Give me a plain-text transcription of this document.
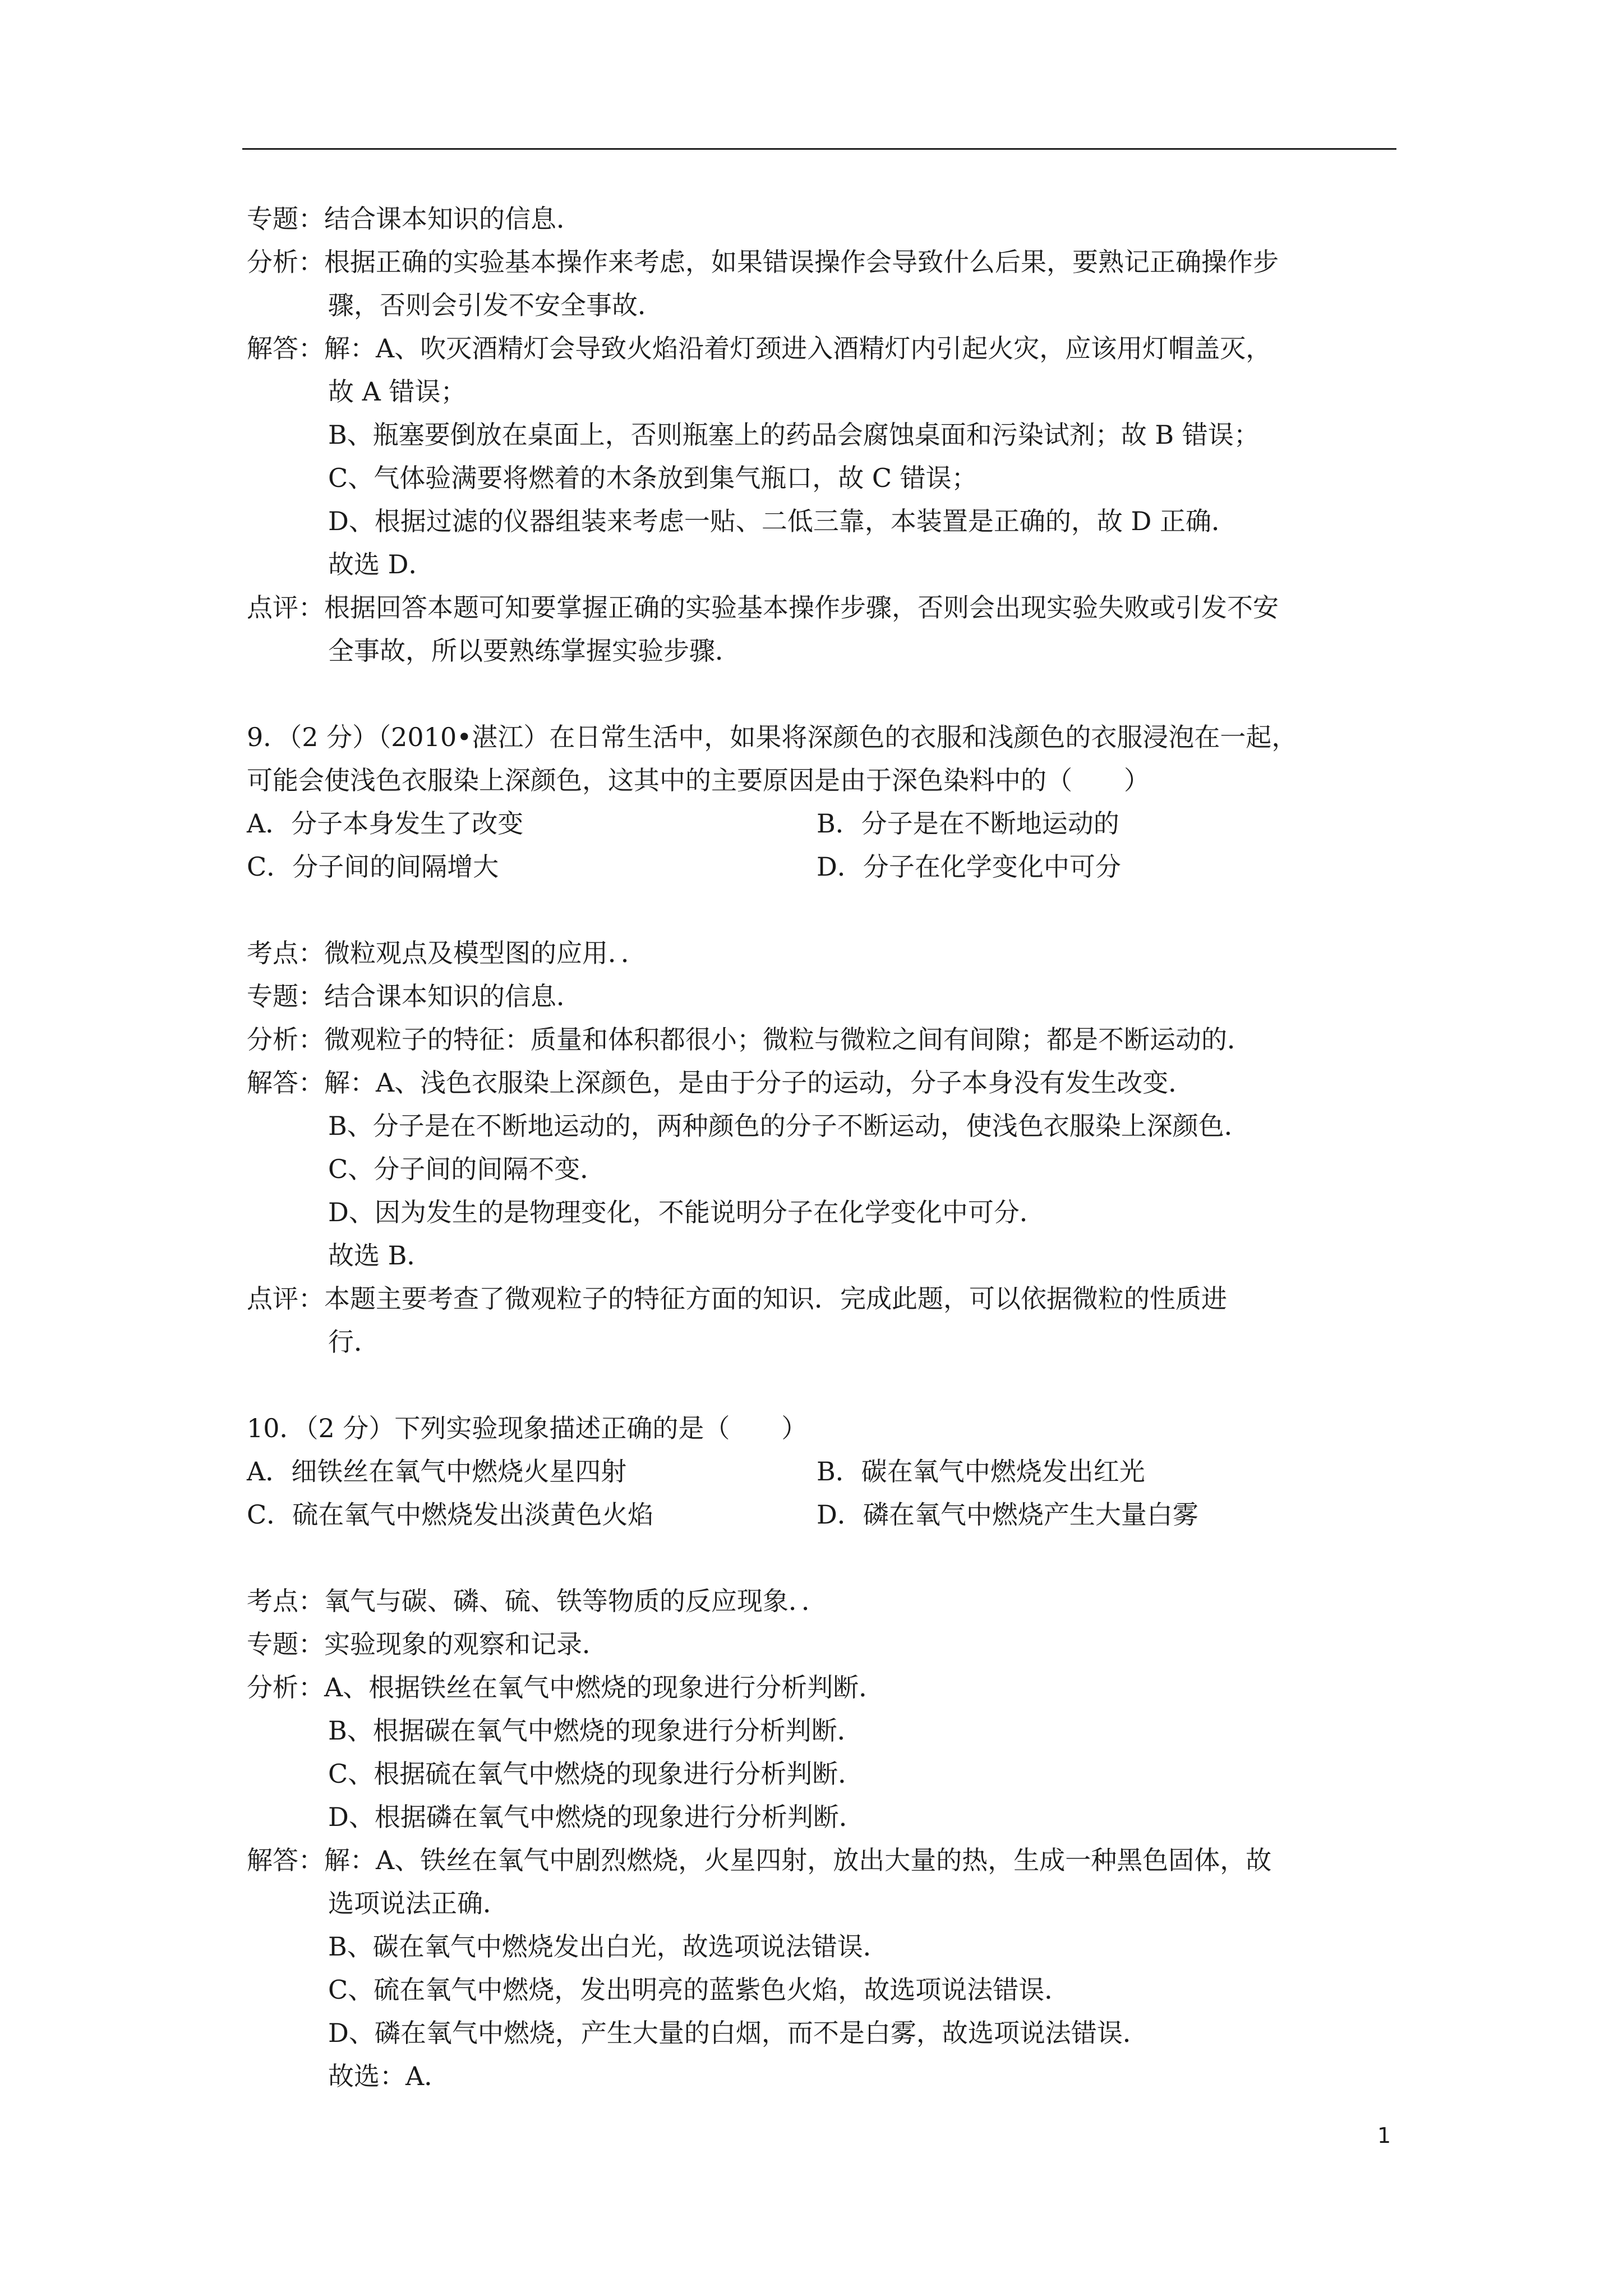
专题：结合课本知识的信息．
分析：根据正确的实验基本操作来考虑，如果错误操作会导致什么后果，要熟记正确操作步
骤，否则会引发不安全事故．
解答：解：A、吹灭酒精灯会导致火焰沿着灯颈进入酒精灯内引起火灾，应该用灯帽盖灭，
故 A 错误；
B、瓶塞要倒放在桌面上，否则瓶塞上的药品会腐蚀桌面和污染试剂；故 B 错误；
C、气体验满要将燃着的木条放到集气瓶口，故 C 错误；
D、根据过滤的仪器组装来考虑一贴、二低三靠，本装置是正确的，故 D 正确．
故选 D．
点评：根据回答本题可知要掌握正确的实验基本操作步骤，否则会出现实验失败或引发不安
全事故，所以要熟练掌握实验步骤．
9．（2 分）（2010•湛江）在日常生活中，如果将深颜色的衣服和浅颜色的衣服浸泡在一起，
可能会使浅色衣服染上深颜色，这其中的主要原因是由于深色染料中的（　　）
A．分子本身发生了改变	B．分子是在不断地运动的
C．分子间的间隔增大	D．分子在化学变化中可分
考点：微粒观点及模型图的应用．．
专题：结合课本知识的信息．
分析：微观粒子的特征：质量和体积都很小；微粒与微粒之间有间隙；都是不断运动的．
解答：解：A、浅色衣服染上深颜色，是由于分子的运动，分子本身没有发生改变．
B、分子是在不断地运动的，两种颜色的分子不断运动，使浅色衣服染上深颜色．
C、分子间的间隔不变．
D、因为发生的是物理变化，不能说明分子在化学变化中可分．
故选 B．
点评：本题主要考查了微观粒子的特征方面的知识．完成此题，可以依据微粒的性质进
行．
10．（2 分）下列实验现象描述正确的是（　　）
A．细铁丝在氧气中燃烧火星四射	B．碳在氧气中燃烧发出红光
C．硫在氧气中燃烧发出淡黄色火焰	D．磷在氧气中燃烧产生大量白雾
考点：氧气与碳、磷、硫、铁等物质的反应现象．．
专题：实验现象的观察和记录．
分析：A、根据铁丝在氧气中燃烧的现象进行分析判断．
B、根据碳在氧气中燃烧的现象进行分析判断．
C、根据硫在氧气中燃烧的现象进行分析判断．
D、根据磷在氧气中燃烧的现象进行分析判断．
解答：解：A、铁丝在氧气中剧烈燃烧，火星四射，放出大量的热，生成一种黑色固体，故
选项说法正确．
B、碳在氧气中燃烧发出白光，故选项说法错误．
C、硫在氧气中燃烧，发出明亮的蓝紫色火焰，故选项说法错误．
D、磷在氧气中燃烧，产生大量的白烟，而不是白雾，故选项说法错误．
故选：A．
1
